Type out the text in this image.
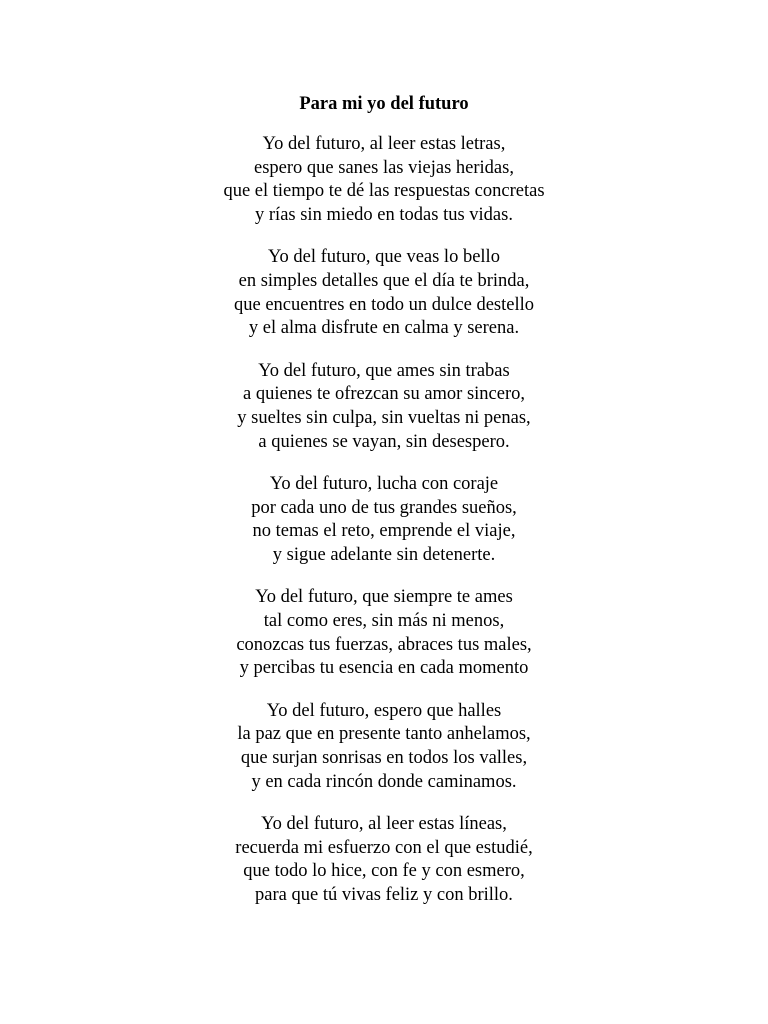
Para mi yo del futuro
Yo del futuro, al leer estas letras,
espero que sanes las viejas heridas,
que el tiempo te dé las respuestas concretas
y rías sin miedo en todas tus vidas.
Yo del futuro, que veas lo bello
en simples detalles que el día te brinda,
que encuentres en todo un dulce destello
y el alma disfrute en calma y serena.
Yo del futuro, que ames sin trabas
a quienes te ofrezcan su amor sincero,
y sueltes sin culpa, sin vueltas ni penas,
a quienes se vayan, sin desespero.
Yo del futuro, lucha con coraje
por cada uno de tus grandes sueños,
no temas el reto, emprende el viaje,
y sigue adelante sin detenerte.
Yo del futuro, que siempre te ames
tal como eres, sin más ni menos,
conozcas tus fuerzas, abraces tus males,
y percibas tu esencia en cada momento
Yo del futuro, espero que halles
la paz que en presente tanto anhelamos,
que surjan sonrisas en todos los valles,
y en cada rincón donde caminamos.
Yo del futuro, al leer estas líneas,
recuerda mi esfuerzo con el que estudié,
que todo lo hice, con fe y con esmero,
para que tú vivas feliz y con brillo.
